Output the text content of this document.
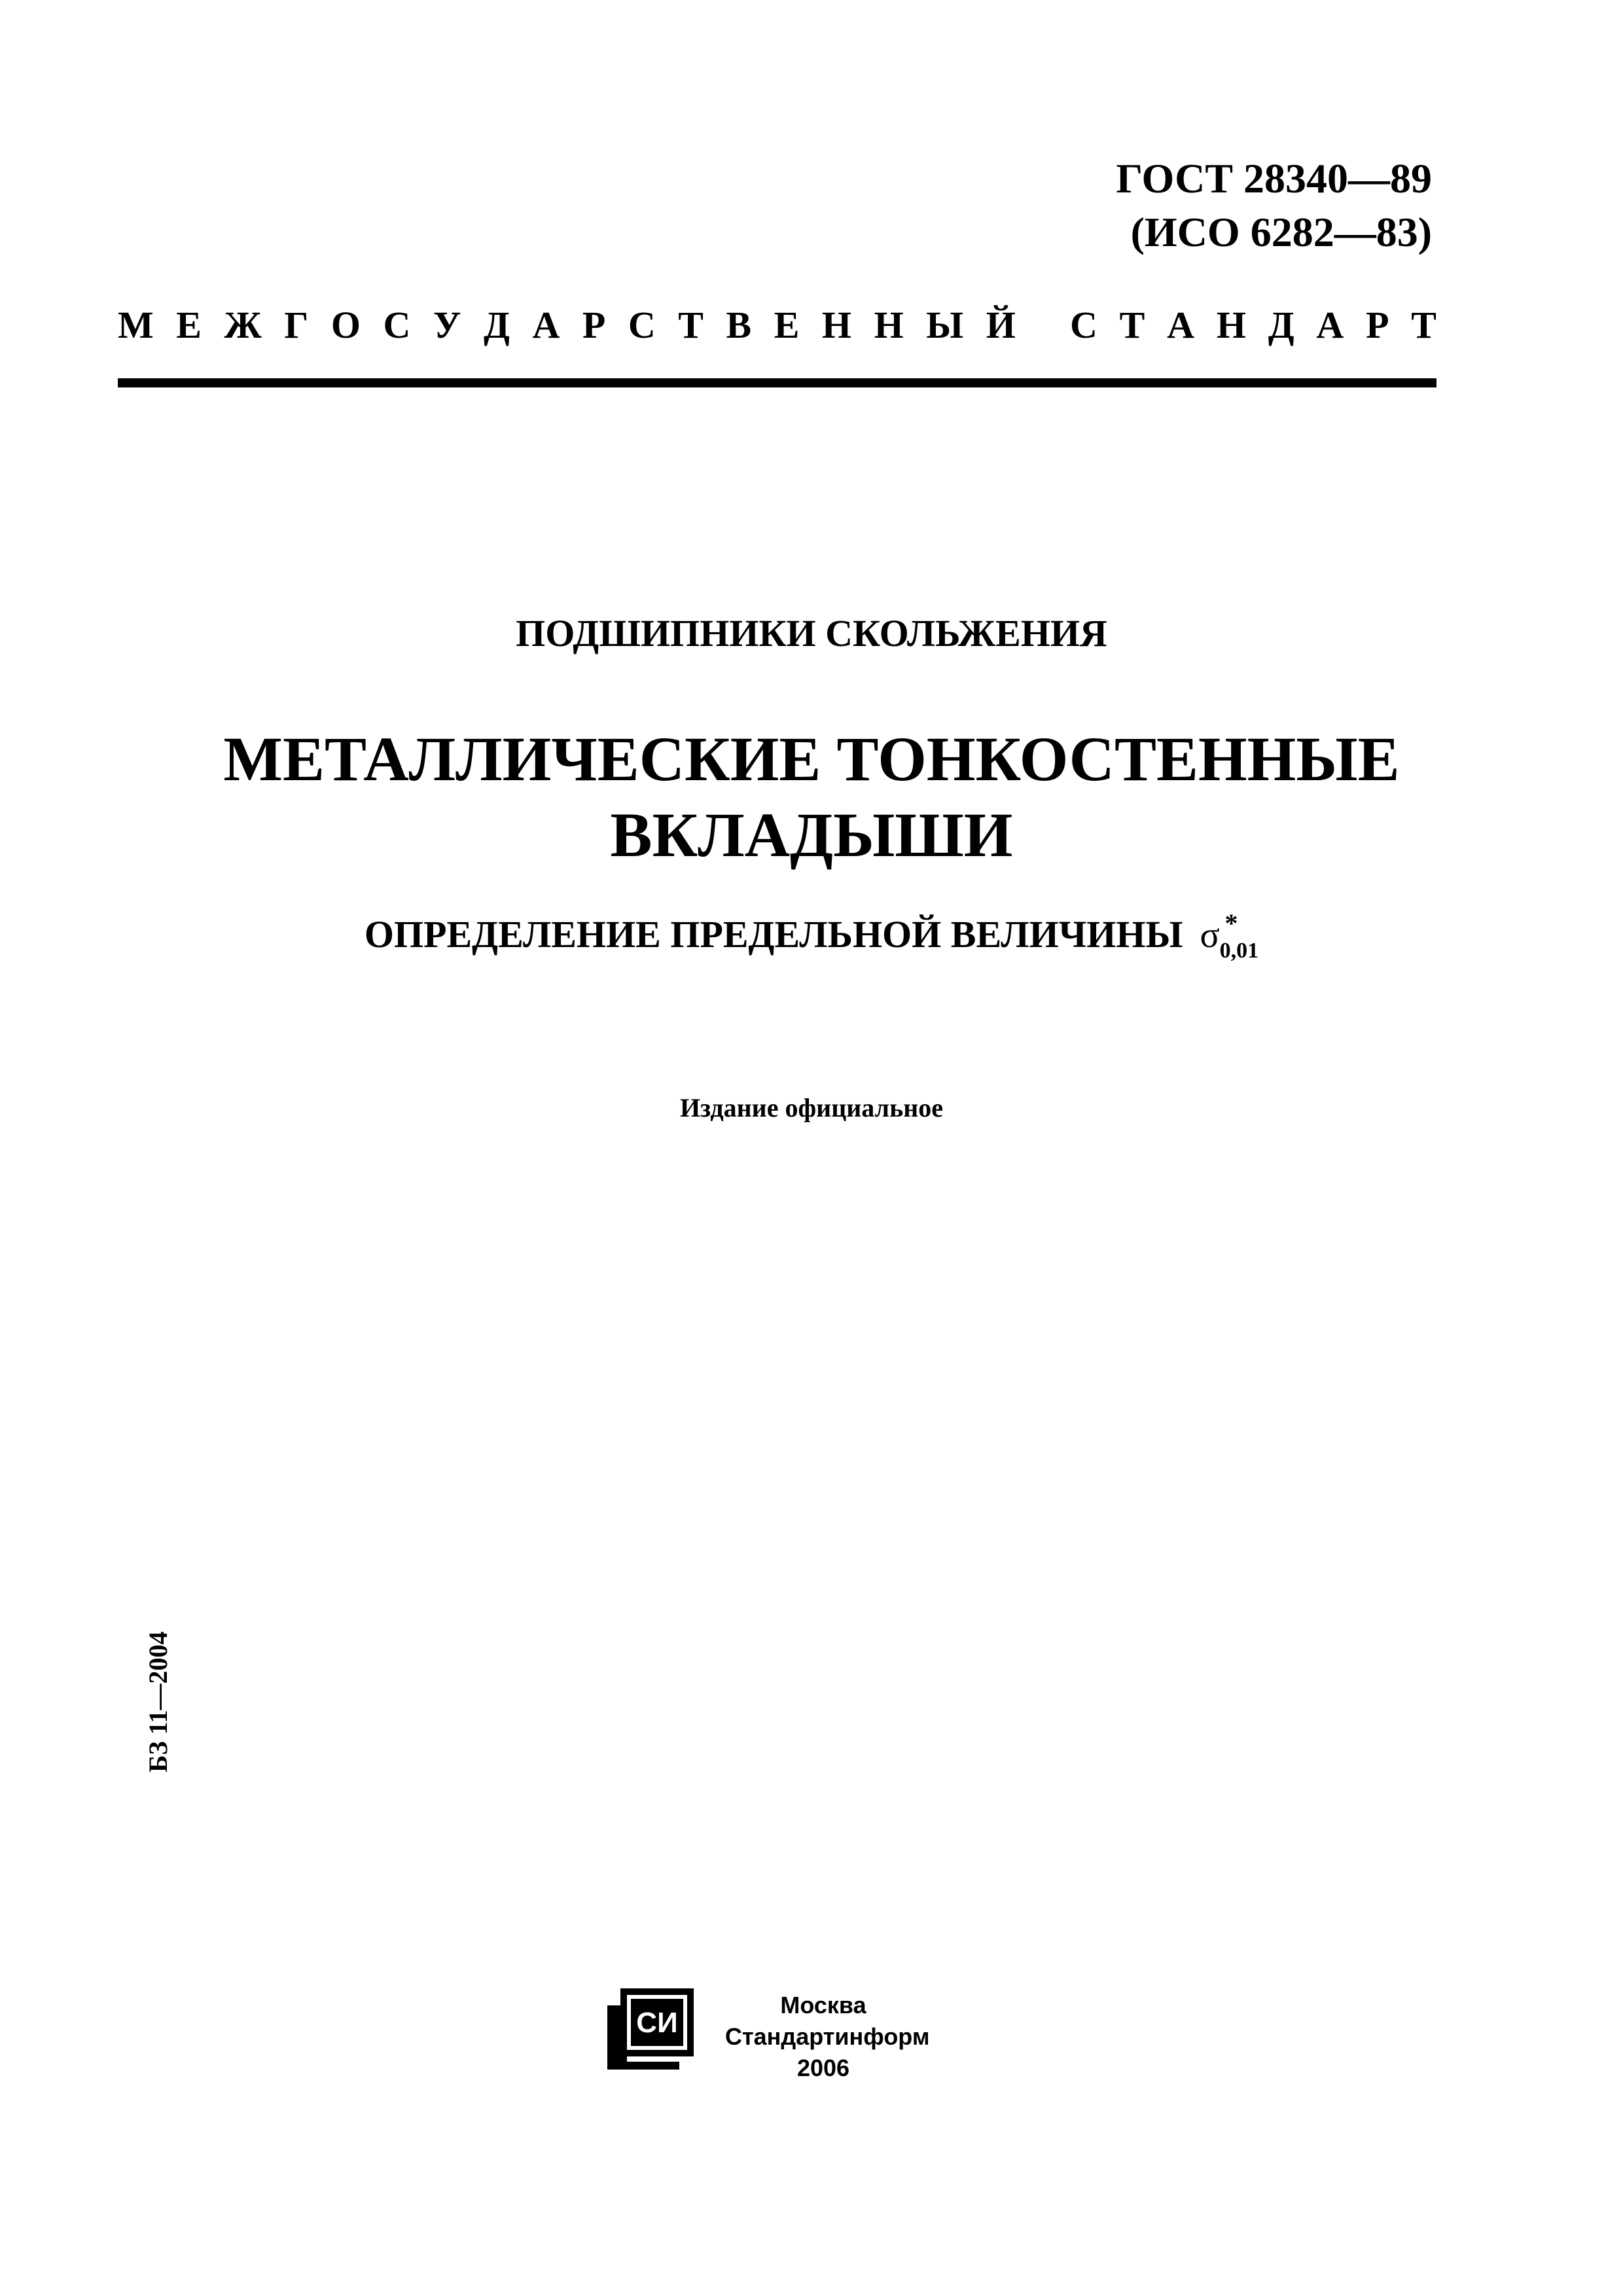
ГОСТ 28340—89
(ИСО 6282—83)
М Е Ж Г О С У Д А Р С Т В Е Н Н Ы Й С Т А Н Д А Р Т
ПОДШИПНИКИ СКОЛЬЖЕНИЯ
МЕТАЛЛИЧЕСКИЕ ТОНКОСТЕННЫЕ
ВКЛАДЫШИ
ОПРЕДЕЛЕНИЕ ПРЕДЕЛЬНОЙ ВЕЛИЧИНЫ σ *
$_{0,01}$
Издание официальное
БЗ 11—2004
СИ
Москва
Стандартинформ
2006
